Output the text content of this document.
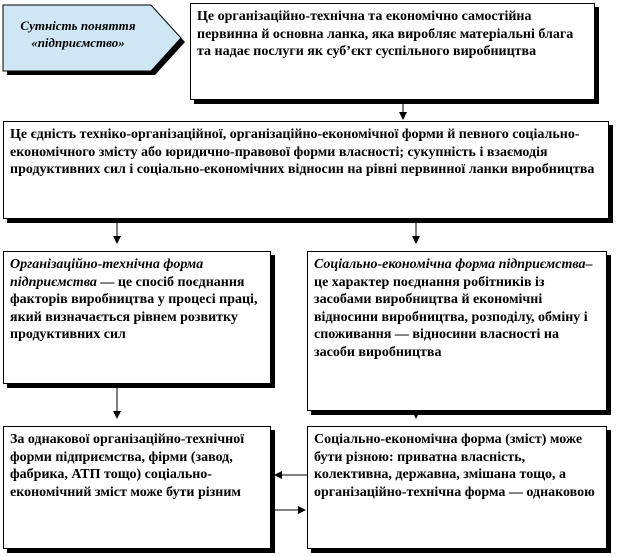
Сутність поняття «підприємство»

Це організаційно-технічна та економічно самостійна первинна й основна ланка, яка виробляє матеріальні блага та надає послуги як суб’єкт суспільного виробництва

Це єдність техніко-організаційної, організаційно-економічної форми й певного соціально-економічного змісту або юридично-правової форми власності; сукупність і взаємодія продуктивних сил і соціально-економічних відносин на рівні первинної ланки виробництва

Організаційно-технічна форма підприємства — це спосіб поєднання факторів виробництва у процесі праці, який визначається рівнем розвитку продуктивних сил

Соціально-економічна форма підприємства– це характер поєднання робітників із засобами виробництва й економічні відносини виробництва, розподілу, обміну і споживання — відносини власності на засоби виробництва

За однакової організаційно-технічної форми підприємства, фірми (завод, фабрика, АТП тощо) соціально-економічний зміст може бути різним

Соціально-економічна форма (зміст) може бути різною: приватна власність, колективна, державна, змішана тощо, а організаційно-технічна форма — однаковою
